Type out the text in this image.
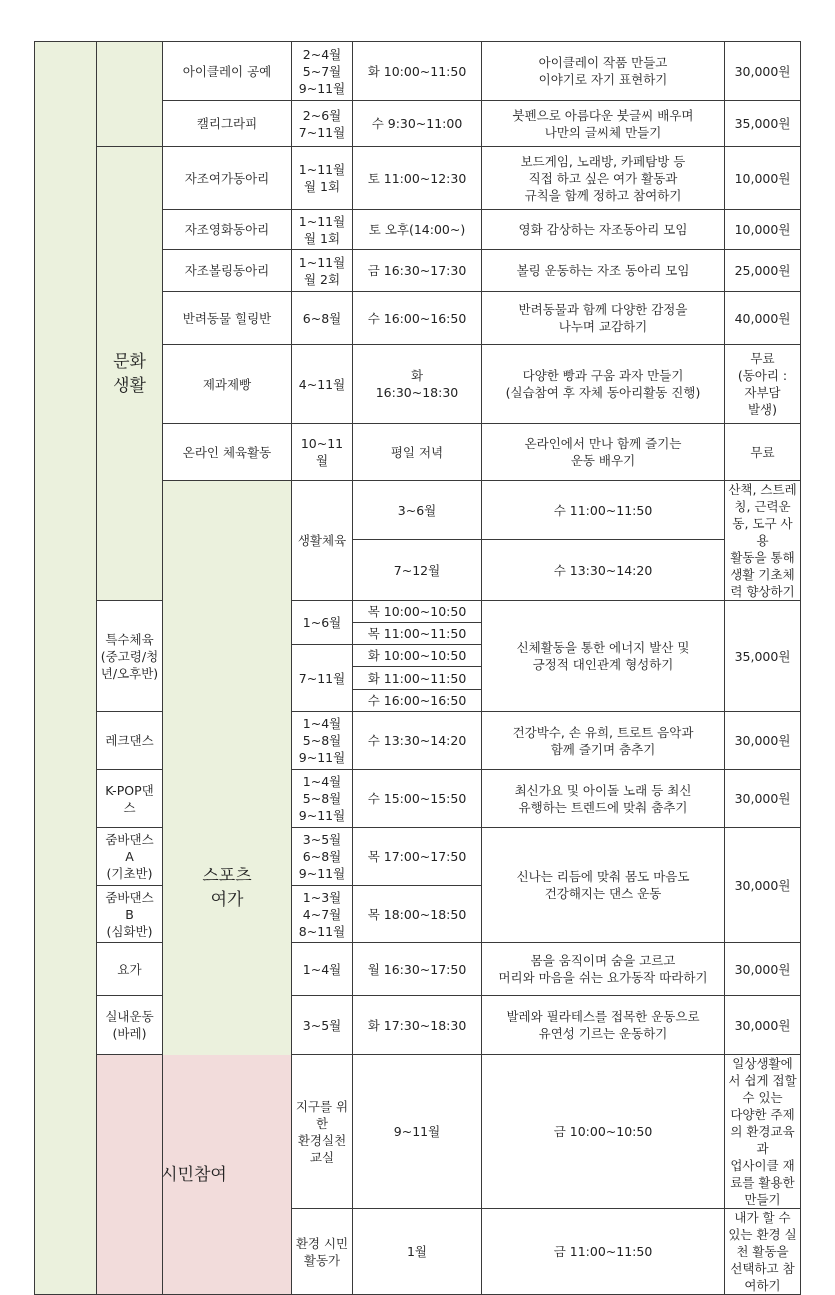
		아이클레이 공예	2~4월
5~7월
9~11월	화 10:00~11:50	아이클레이 작품 만들고
이야기로 자기 표현하기	30,000원	
		캘리그라피	2~6월
7~11월	수 9:30~11:00	붓펜으로 아름다운 붓글씨 배우며
나만의 글씨체 만들기	35,000원	
	문화
생활	자조여가동아리	1~11월
월 1회	토 11:00~12:30	보드게임, 노래방, 카페탐방 등
직접 하고 싶은 여가 활동과
규칙을 함께 정하고 참여하기	10,000원	
		자조영화동아리	1~11월
월 1회	토 오후(14:00~)	영화 감상하는 자조동아리 모임	10,000원	
		자조볼링동아리	1~11월
월 2회	금 16:30~17:30	볼링 운동하는 자조 동아리 모임	25,000원	
		반려동물 힐링반	6~8월	수 16:00~16:50	반려동물과 함께 다양한 감정을
나누며 교감하기	40,000원	
		제과제빵	4~11월	화
16:30~18:30	다양한 빵과 구움 과자 만들기
(실습참여 후 자체 동아리활동 진행)	무료
(동아리 :
자부담
발생)	
		온라인 체육활동	10~11월	평일 저녁	온라인에서 만나 함께 즐기는
운동 배우기	무료	
		스포츠
여가	생활체육	3~6월	수 11:00~11:50	산책, 스트레칭, 근력운동, 도구 사용
활동을 통해 생활 기초체력 향상하기	
				7~12월	수 13:30~14:20		
	특수체육
(중고령/청년/오후반)		1~6월	목 10:00~10:50	신체활동을 통한 에너지 발산 및
긍정적 대인관계 형성하기	35,000원	
				목 11:00~11:50			
			7~11월	화 10:00~10:50			
				화 11:00~11:50			
				수 16:00~16:50			
	레크댄스		1~4월
5~8월
9~11월	수 13:30~14:20	건강박수, 손 유희, 트로트 음악과
함께 즐기며 춤추기	30,000원	
	K-POP댄스		1~4월
5~8월
9~11월	수 15:00~15:50	최신가요 및 아이돌 노래 등 최신
유행하는 트렌드에 맞춰 춤추기	30,000원	
	줌바댄스 A
(기초반)		3~5월
6~8월
9~11월	목 17:00~17:50	신나는 리듬에 맞춰 몸도 마음도
건강해지는 댄스 운동	30,000원	
	줌바댄스 B
(심화반)		1~3월
4~7월
8~11월	목 18:00~18:50			
	요가		1~4월	월 16:30~17:50	몸을 움직이며 숨을 고르고
머리와 마음을 쉬는 요가동작 따라하기	30,000원	
	실내운동
(바레)		3~5월	화 17:30~18:30	발레와 필라테스를 접목한 운동으로
유연성 기르는 운동하기	30,000원	
	시민참여		지구를 위한
환경실천교실	9~11월	금 10:00~10:50	일상생활에서 쉽게 접할 수 있는
다양한 주제의 환경교육과
업사이클 재료를 활용한 만들기	
			환경 시민활동가	1월	금 11:00~11:50	내가 할 수 있는 환경 실천 활동을
선택하고 참여하기	
